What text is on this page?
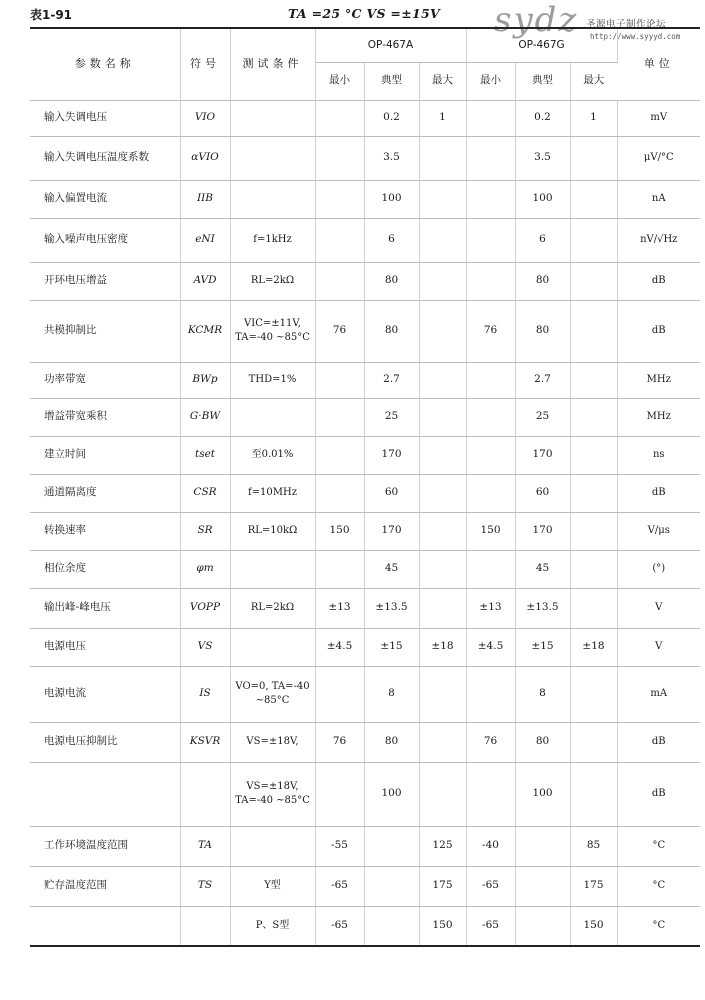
表1-91	TA =25 °C VS =±15V sydz 圣源电子制作论坛
http://www.syyyd.com
参数名称	符号	测试条件	OP-467A			OP-467G			单位
			最小	典型	最大	最小	典型	最大	
输入失调电压	VIO			0.2	1		0.2	1	mV
输入失调电压温度系数	αVIO			3.5			3.5		μV/°C
输入偏置电流	IIB			100			100		nA
输入噪声电压密度	eNI	f=1kHz		6			6		nV/√Hz
开环电压增益	AVD	RL=2kΩ		80			80		dB
共模抑制比	KCMR	VIC=±11V, TA=-40 ~85°C	76	80		76	80		dB
功率带宽	BWp	THD=1%		2.7			2.7		MHz
增益带宽乘积	G·BW			25			25		MHz
建立时间	tset	至0.01%		170			170		ns
通道隔离度	CSR	f=10MHz		60			60		dB
转换速率	SR	RL=10kΩ	150	170		150	170		V/μs
相位余度	φm			45			45		(°)
输出峰-峰电压	VOPP	RL=2kΩ	±13	±13.5		±13	±13.5		V
电源电压	VS		±4.5	±15	±18	±4.5	±15	±18	V
电源电流	IS	VO=0, TA=-40 ~85°C		8			8		mA
电源电压抑制比	KSVR	VS=±18V,	76	80		76	80		dB
		VS=±18V, TA=-40 ~85°C		100			100		dB
工作环境温度范围	TA		-55		125	-40		85	°C
贮存温度范围	TS	Y型	-65		175	-65		175	°C
		P、S型	-65		150	-65		150	°C
